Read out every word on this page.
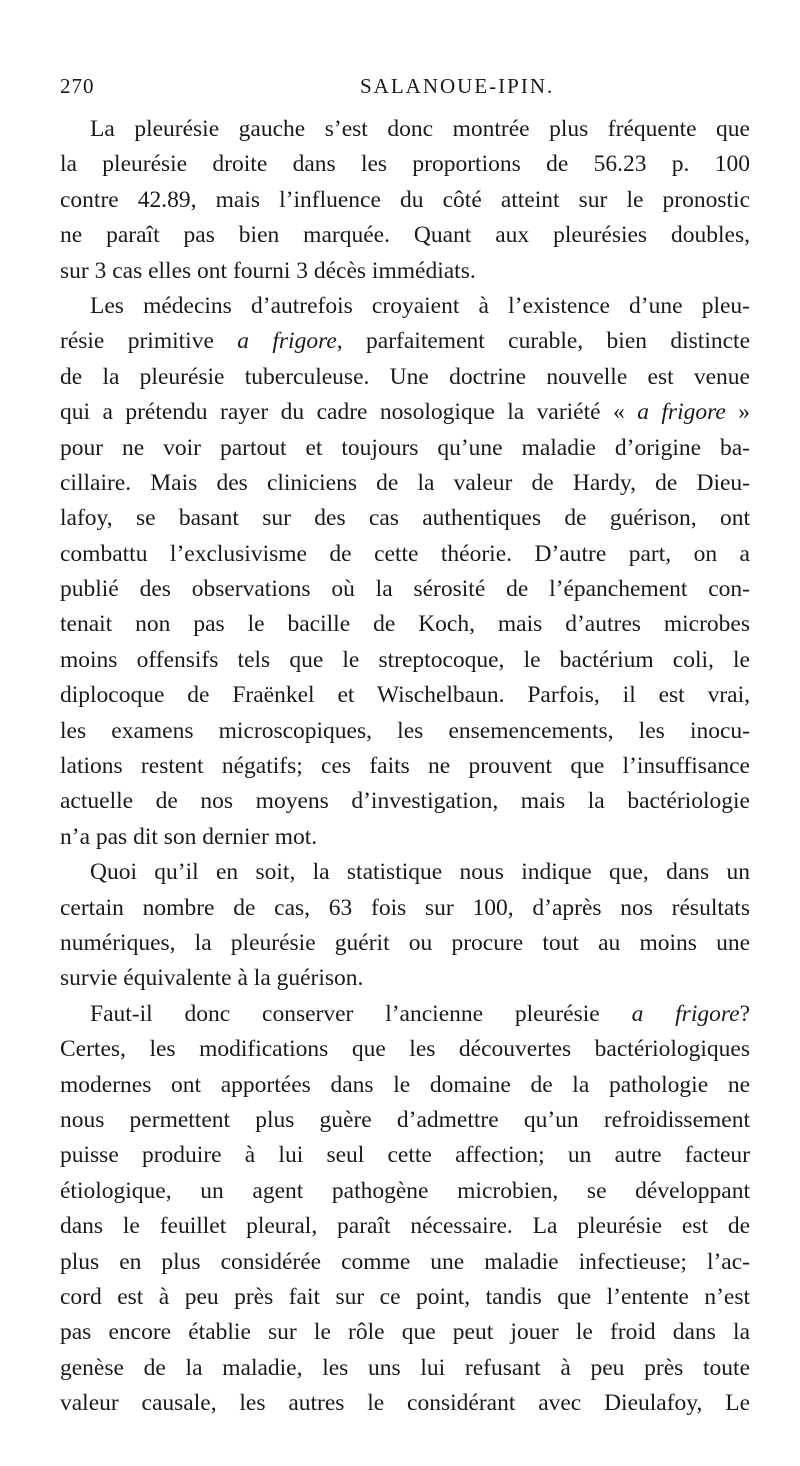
270	SALANOUE-IPIN.
La pleurésie gauche s’est donc montrée plus fréquente que
la pleurésie droite dans les proportions de 56.23 p. 100
contre 42.89, mais l’influence du côté atteint sur le pronostic
ne paraît pas bien marquée. Quant aux pleurésies doubles,
sur 3 cas elles ont fourni 3 décès immédiats.
Les médecins d’autrefois croyaient à l’existence d’une pleu-
résie primitive a frigore, parfaitement curable, bien distincte
de la pleurésie tuberculeuse. Une doctrine nouvelle est venue
qui a prétendu rayer du cadre nosologique la variété « a frigore »
pour ne voir partout et toujours qu’une maladie d’origine ba-
cillaire. Mais des cliniciens de la valeur de Hardy, de Dieu-
lafoy, se basant sur des cas authentiques de guérison, ont
combattu l’exclusivisme de cette théorie. D’autre part, on a
publié des observations où la sérosité de l’épanchement con-
tenait non pas le bacille de Koch, mais d’autres microbes
moins offensifs tels que le streptocoque, le bactérium coli, le
diplocoque de Fraënkel et Wischelbaun. Parfois, il est vrai,
les examens microscopiques, les ensemencements, les inocu-
lations restent négatifs; ces faits ne prouvent que l’insuffisance
actuelle de nos moyens d’investigation, mais la bactériologie
n’a pas dit son dernier mot.
Quoi qu’il en soit, la statistique nous indique que, dans un
certain nombre de cas, 63 fois sur 100, d’après nos résultats
numériques, la pleurésie guérit ou procure tout au moins une
survie équivalente à la guérison.
Faut-il donc conserver l’ancienne pleurésie a frigore?
Certes, les modifications que les découvertes bactériologiques
modernes ont apportées dans le domaine de la pathologie ne
nous permettent plus guère d’admettre qu’un refroidissement
puisse produire à lui seul cette affection; un autre facteur
étiologique, un agent pathogène microbien, se développant
dans le feuillet pleural, paraît nécessaire. La pleurésie est de
plus en plus considérée comme une maladie infectieuse; l’ac-
cord est à peu près fait sur ce point, tandis que l’entente n’est
pas encore établie sur le rôle que peut jouer le froid dans la
genèse de la maladie, les uns lui refusant à peu près toute
valeur causale, les autres le considérant avec Dieulafoy, Le
